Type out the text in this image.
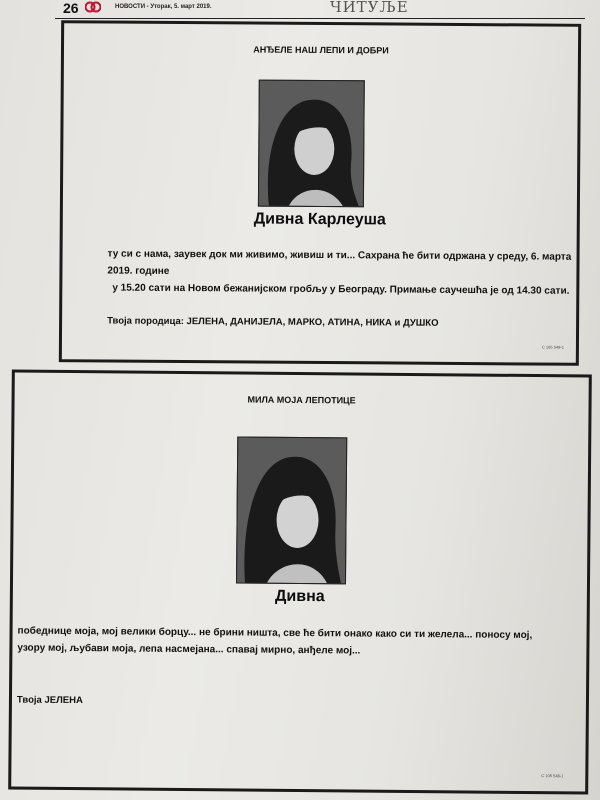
26	НОВОСТИ - Уторак, 5. март 2019.	ЧИТУЉЕ
АНЂЕЛЕ НАШ ЛЕПИ И ДОБРИ
Дивна Карлеуша
ту си с нама, заувек док ми живимо, живиш и ти... Сахрана ће бити одржана у среду, 6. марта 2019. године
у 15.20 сати на Новом бежанијском гробљу у Београду. Примање саучешћа је од 14.30 сати.
Твоја породица: ЈЕЛЕНА, ДАНИЈЕЛА, МАРКО, АТИНА, НИКА и ДУШКО
С 105 549-1
МИЛА МОЈА ЛЕПОТИЦЕ
Дивна
победнице моја, мој велики борцу... не брини ништа, све ће бити онако како си ти желела... поносу мој,
узору мој, љубави моја, лепа насмејана... спавај мирно, анђеле мој...
Твоја ЈЕЛЕНА
С 105 548-1
